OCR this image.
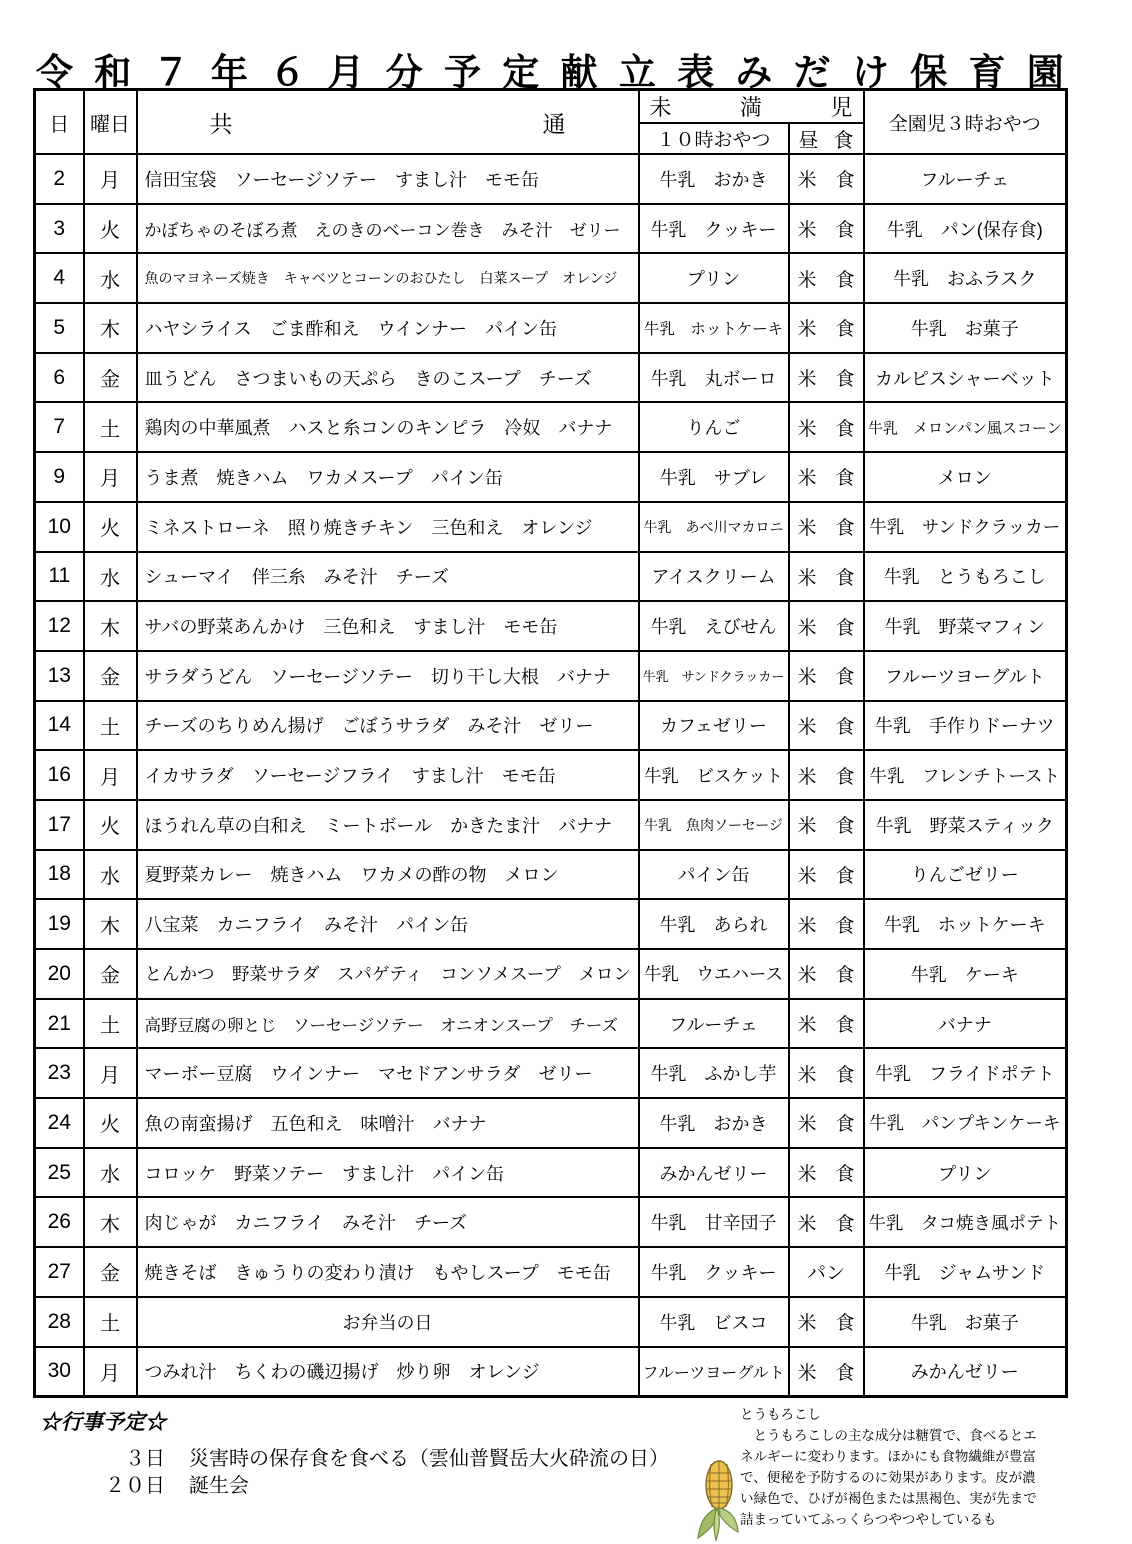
令 和 ７ 年 ６ 月 分 予 定 献 立 表 み だ け 保 育 園
日	曜日	共 通	未 満 児		全園児３時おやつ

			１０時おやつ	昼 食	

2	月	信田宝袋　ソーセージソテー　すまし汁　モモ缶	牛乳　おかき	米　食	フルーチェ

3	火	かぼちゃのそぼろ煮　えのきのベーコン巻き　みそ汁　ゼリー	牛乳　クッキー	米　食	牛乳　パン(保存食)

4	水	魚のマヨネーズ焼き　キャベツとコーンのおひたし　白菜スープ　オレンジ	プリン	米　食	牛乳　おふラスク

5	木	ハヤシライス　ごま酢和え　ウインナー　パイン缶	牛乳　ホットケーキ	米　食	牛乳　お菓子

6	金	皿うどん　さつまいもの天ぷら　きのこスープ　チーズ	牛乳　丸ボーロ	米　食	カルピスシャーベット

7	土	鶏肉の中華風煮　ハスと糸コンのキンピラ　冷奴　バナナ	りんご	米　食	牛乳　メロンパン風スコーン

9	月	うま煮　焼きハム　ワカメスープ　パイン缶	牛乳　サブレ	米　食	メロン

10	火	ミネストローネ　照り焼きチキン　三色和え　オレンジ	牛乳　あべ川マカロニ	米　食	牛乳　サンドクラッカー

11	水	シューマイ　伴三糸　みそ汁　チーズ	アイスクリーム	米　食	牛乳　とうもろこし

12	木	サバの野菜あんかけ　三色和え　すまし汁　モモ缶	牛乳　えびせん	米　食	牛乳　野菜マフィン

13	金	サラダうどん　ソーセージソテー　切り干し大根　バナナ	牛乳　サンドクラッカー	米　食	フルーツヨーグルト

14	土	チーズのちりめん揚げ　ごぼうサラダ　みそ汁　ゼリー	カフェゼリー	米　食	牛乳　手作りドーナツ

16	月	イカサラダ　ソーセージフライ　すまし汁　モモ缶	牛乳　ビスケット	米　食	牛乳　フレンチトースト

17	火	ほうれん草の白和え　ミートボール　かきたま汁　バナナ	牛乳　魚肉ソーセージ	米　食	牛乳　野菜スティック

18	水	夏野菜カレー　焼きハム　ワカメの酢の物　メロン	パイン缶	米　食	りんごゼリー

19	木	八宝菜　カニフライ　みそ汁　パイン缶	牛乳　あられ	米　食	牛乳　ホットケーキ

20	金	とんかつ　野菜サラダ　スパゲティ　コンソメスープ　メロン	牛乳　ウエハース	米　食	牛乳　ケーキ

21	土	高野豆腐の卵とじ　ソーセージソテー　オニオンスープ　チーズ	フルーチェ	米　食	バナナ

23	月	マーボー豆腐　ウインナー　マセドアンサラダ　ゼリー	牛乳　ふかし芋	米　食	牛乳　フライドポテト

24	火	魚の南蛮揚げ　五色和え　味噌汁　バナナ	牛乳　おかき	米　食	牛乳　パンプキンケーキ

25	水	コロッケ　野菜ソテー　すまし汁　パイン缶	みかんゼリー	米　食	プリン

26	木	肉じゃが　カニフライ　みそ汁　チーズ	牛乳　甘辛団子	米　食	牛乳　タコ焼き風ポテト

27	金	焼きそば　きゅうりの変わり漬け　もやしスープ　モモ缶	牛乳　クッキー	パン	牛乳　ジャムサンド

28	土	お弁当の日	牛乳　ビスコ	米　食	牛乳　お菓子

30	月	つみれ汁　ちくわの磯辺揚げ　炒り卵　オレンジ	フルーツヨーグルト	米　食	みかんゼリー
☆行事予定☆
３日 災害時の保存食を食べる（雲仙普賢岳大火砕流の日）
２０日 誕生会
とうもろこし
とうもろこしの主な成分は糖質で、食べるとエネルギーに変わります。ほかにも食物繊維が豊富で、便秘を予防するのに効果があります。皮が濃い緑色で、ひげが褐色または黒褐色、実が先まで詰まっていてふっくらつやつやしているも
